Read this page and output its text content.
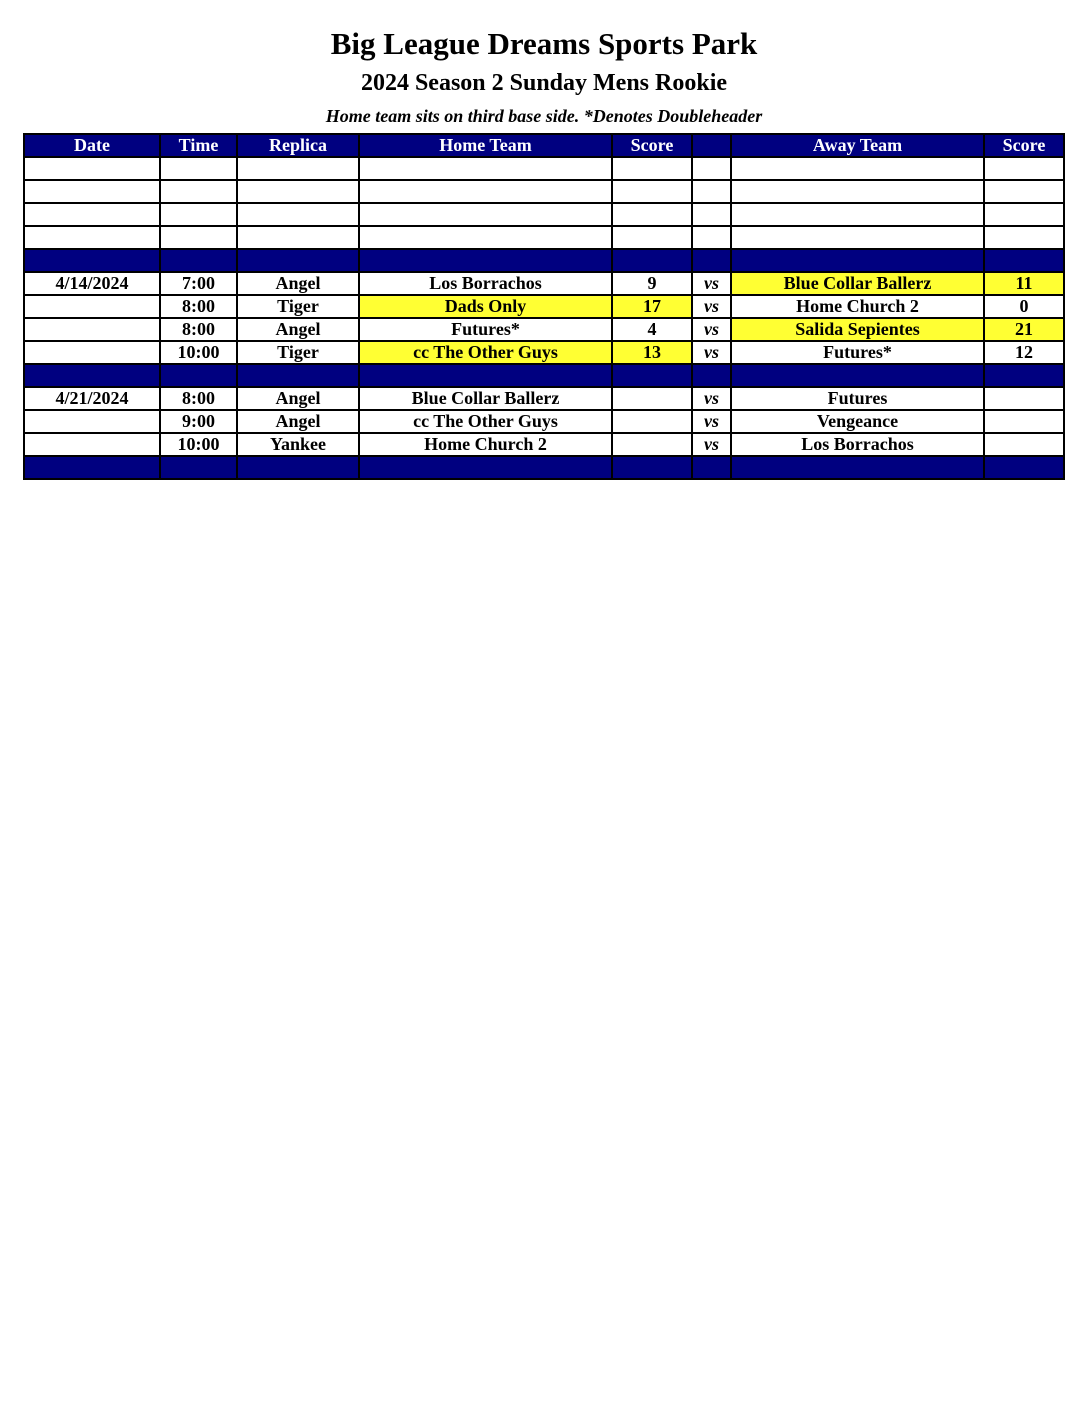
Big League Dreams Sports Park
2024 Season 2 Sunday Mens Rookie
Home team sits on third base side. *Denotes Doubleheader
Date	Time	Replica	Home Team	Score		Away Team	Score

4/14/2024	7:00	Angel	Los Borrachos	9	vs	Blue Collar Ballerz	11
	8:00	Tiger	Dads Only	17	vs	Home Church 2	0
	8:00	Angel	Futures*	4	vs	Salida Sepientes	21
	10:00	Tiger	cc The Other Guys	13	vs	Futures*	12

4/21/2024	8:00	Angel	Blue Collar Ballerz		vs	Futures	
	9:00	Angel	cc The Other Guys		vs	Vengeance	
	10:00	Yankee	Home Church 2		vs	Los Borrachos	
